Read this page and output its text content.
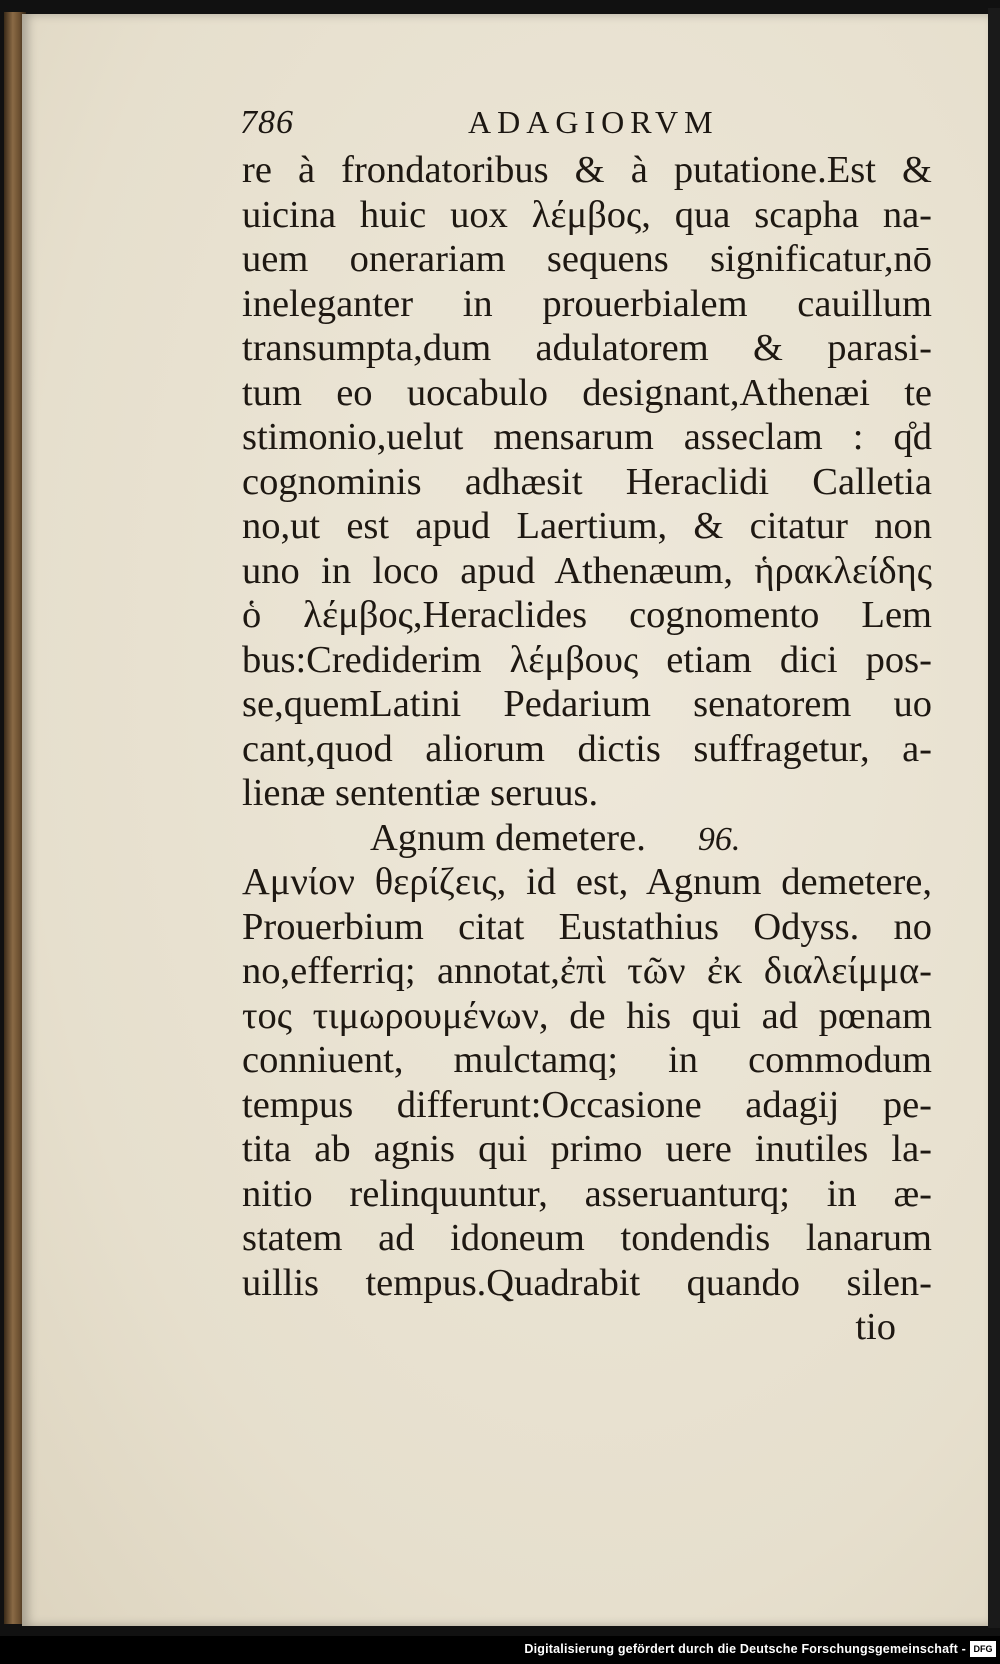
786	ADAGIORVM
re à frondatoribus & à putatione.Est &
uicina huic uox λέμβος, qua scapha na-
uem onerariam sequens significatur,nō
ineleganter in prouerbialem cauillum
transumpta,dum adulatorem & parasi-
tum eo uocabulo designant,Athenæi te
stimonio,uelut mensarum asseclam : q̊d
cognominis adhæsit Heraclidi Calletia
no,ut est apud Laertium, & citatur non
uno in loco apud Athenæum, ἡρακλείδης
ὁ λέμβος,Heraclides cognomento Lem
bus:Crediderim λέμβους etiam dici pos-
se,quemLatini Pedarium senatorem uo
cant,quod aliorum dictis suffragetur, a-
lienæ sententiæ seruus.
Agnum demetere. 96.
Αμνίον θερίζεις, id est, Agnum demetere,
Prouerbium citat Eustathius Odyss. no
no,efferriq; annotat,ἐπὶ τῶν ἐκ διαλείμμα-
τος τιμωρουμένων, de his qui ad pœnam
conniuent, mulctamq; in commodum
tempus differunt:Occasione adagij pe-
tita ab agnis qui primo uere inutiles la-
nitio relinquuntur, asseruanturq; in æ-
statem ad idoneum tondendis lanarum
uillis tempus.Quadrabit quando silen-
tio
Digitalisierung gefördert durch die Deutsche Forschungsgemeinschaft - DFG
